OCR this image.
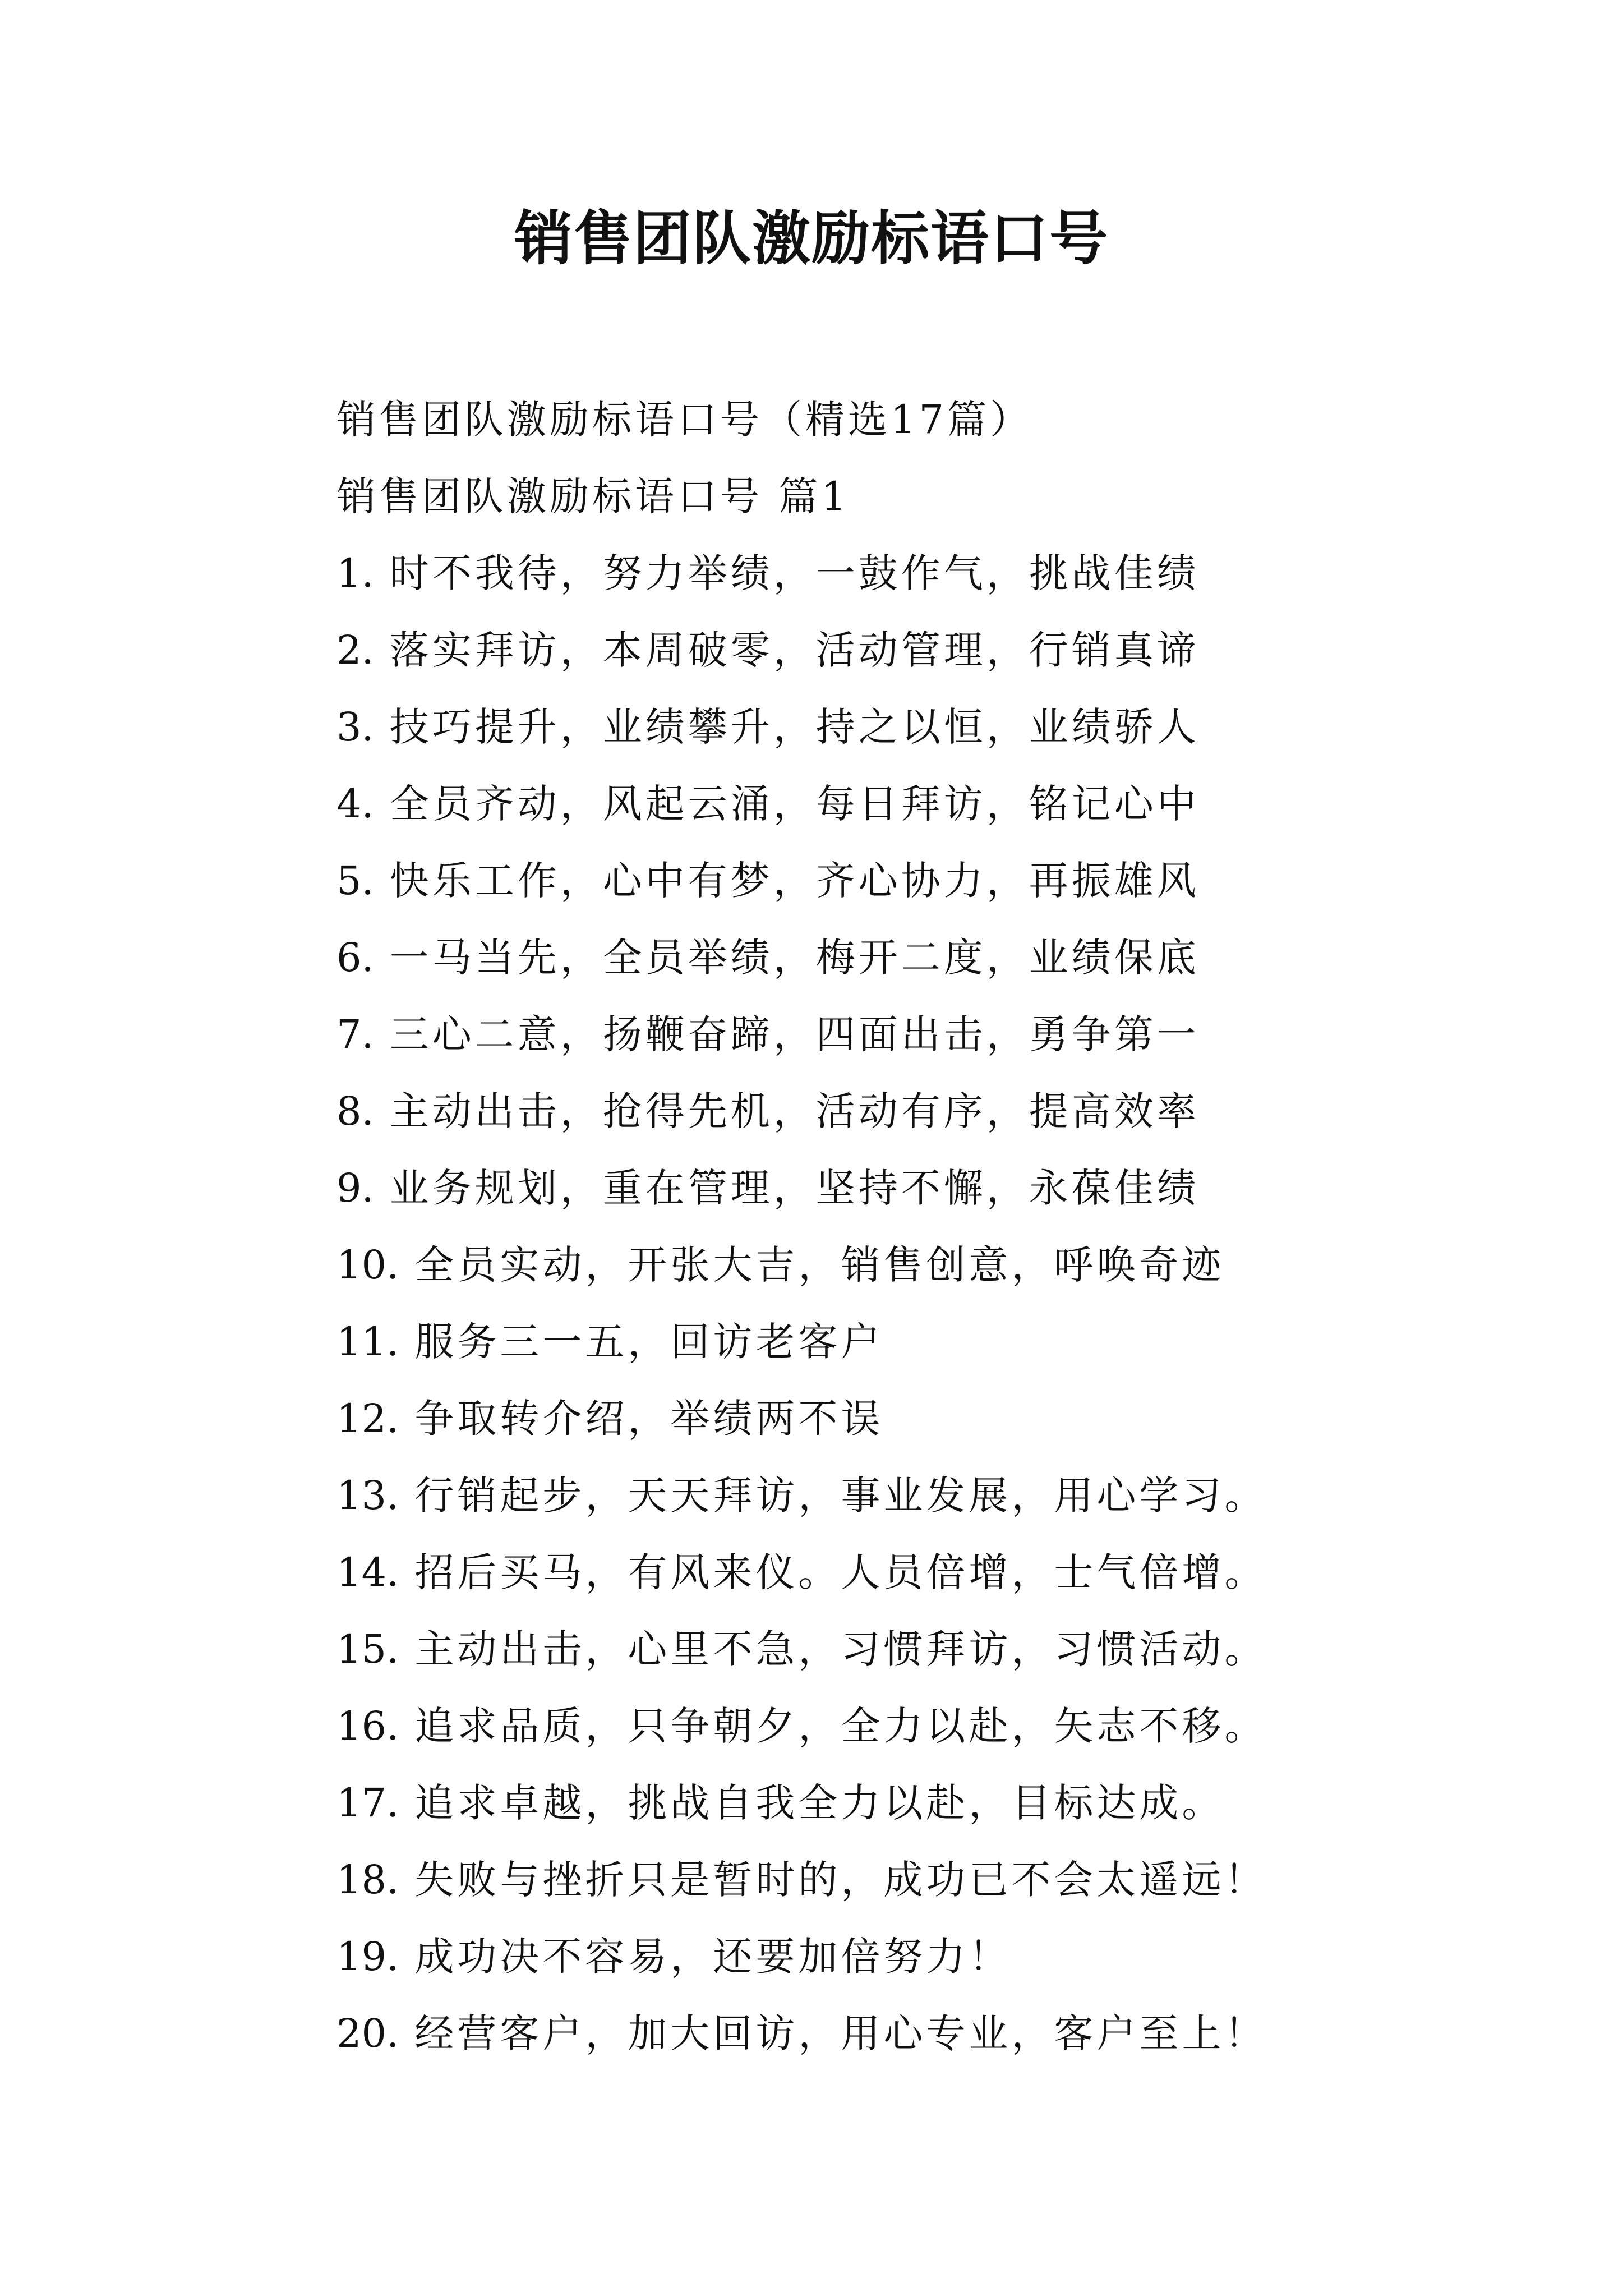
销售团队激励标语口号
销售团队激励标语口号（精选17篇）
销售团队激励标语口号 篇1
1. 时不我待，努力举绩，一鼓作气，挑战佳绩
2. 落实拜访，本周破零，活动管理，行销真谛
3. 技巧提升，业绩攀升，持之以恒，业绩骄人
4. 全员齐动，风起云涌，每日拜访，铭记心中
5. 快乐工作，心中有梦，齐心协力，再振雄风
6. 一马当先，全员举绩，梅开二度，业绩保底
7. 三心二意，扬鞭奋蹄，四面出击，勇争第一
8. 主动出击，抢得先机，活动有序，提高效率
9. 业务规划，重在管理，坚持不懈，永葆佳绩
10. 全员实动，开张大吉，销售创意，呼唤奇迹
11. 服务三一五，回访老客户
12. 争取转介绍，举绩两不误
13. 行销起步，天天拜访，事业发展，用心学习。
14. 招后买马，有风来仪。人员倍增，士气倍增。
15. 主动出击，心里不急，习惯拜访，习惯活动。
16. 追求品质，只争朝夕，全力以赴，矢志不移。
17. 追求卓越，挑战自我全力以赴，目标达成。
18. 失败与挫折只是暂时的，成功已不会太遥远！
19. 成功决不容易，还要加倍努力！
20. 经营客户，加大回访，用心专业，客户至上！
